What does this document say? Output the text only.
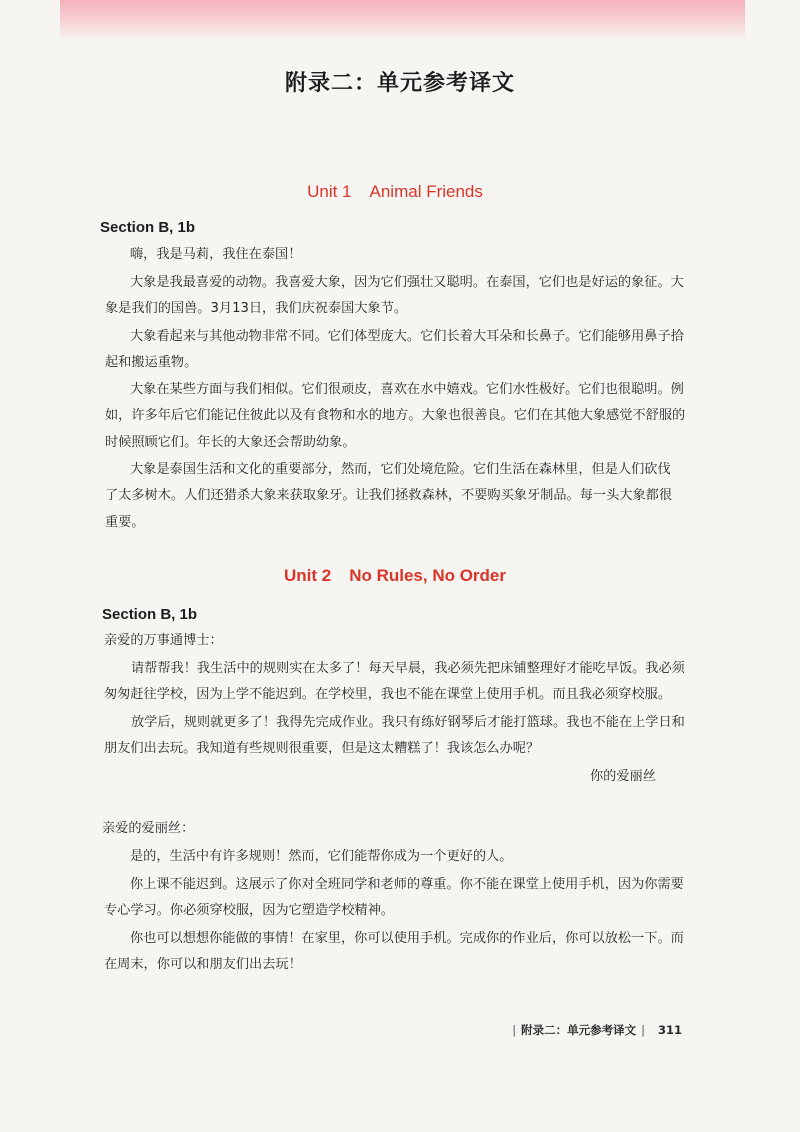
附录二：单元参考译文
Unit 1 Animal Friends
Section B, 1b
嗨，我是马莉，我住在泰国！
大象是我最喜爱的动物。我喜爱大象，因为它们强壮又聪明。在泰国，它们也是好运的象征。大
象是我们的国兽。3月13日，我们庆祝泰国大象节。
大象看起来与其他动物非常不同。它们体型庞大。它们长着大耳朵和长鼻子。它们能够用鼻子拾
起和搬运重物。
大象在某些方面与我们相似。它们很顽皮，喜欢在水中嬉戏。它们水性极好。它们也很聪明。例
如，许多年后它们能记住彼此以及有食物和水的地方。大象也很善良。它们在其他大象感觉不舒服的
时候照顾它们。年长的大象还会帮助幼象。
大象是泰国生活和文化的重要部分，然而，它们处境危险。它们生活在森林里，但是人们砍伐
了太多树木。人们还猎杀大象来获取象牙。让我们拯救森林，不要购买象牙制品。每一头大象都很
重要。
Unit 2 No Rules, No Order
Section B, 1b
亲爱的万事通博士：
请帮帮我！我生活中的规则实在太多了！每天早晨，我必须先把床铺整理好才能吃早饭。我必须
匆匆赶往学校，因为上学不能迟到。在学校里，我也不能在课堂上使用手机。而且我必须穿校服。
放学后，规则就更多了！我得先完成作业。我只有练好钢琴后才能打篮球。我也不能在上学日和
朋友们出去玩。我知道有些规则很重要，但是这太糟糕了！我该怎么办呢？
你的爱丽丝
亲爱的爱丽丝：
是的，生活中有许多规则！然而，它们能帮你成为一个更好的人。
你上课不能迟到。这展示了你对全班同学和老师的尊重。你不能在课堂上使用手机，因为你需要
专心学习。你必须穿校服，因为它塑造学校精神。
你也可以想想你能做的事情！在家里，你可以使用手机。完成你的作业后，你可以放松一下。而
在周末，你可以和朋友们出去玩！
| 附录二：单元参考译文 | 311
